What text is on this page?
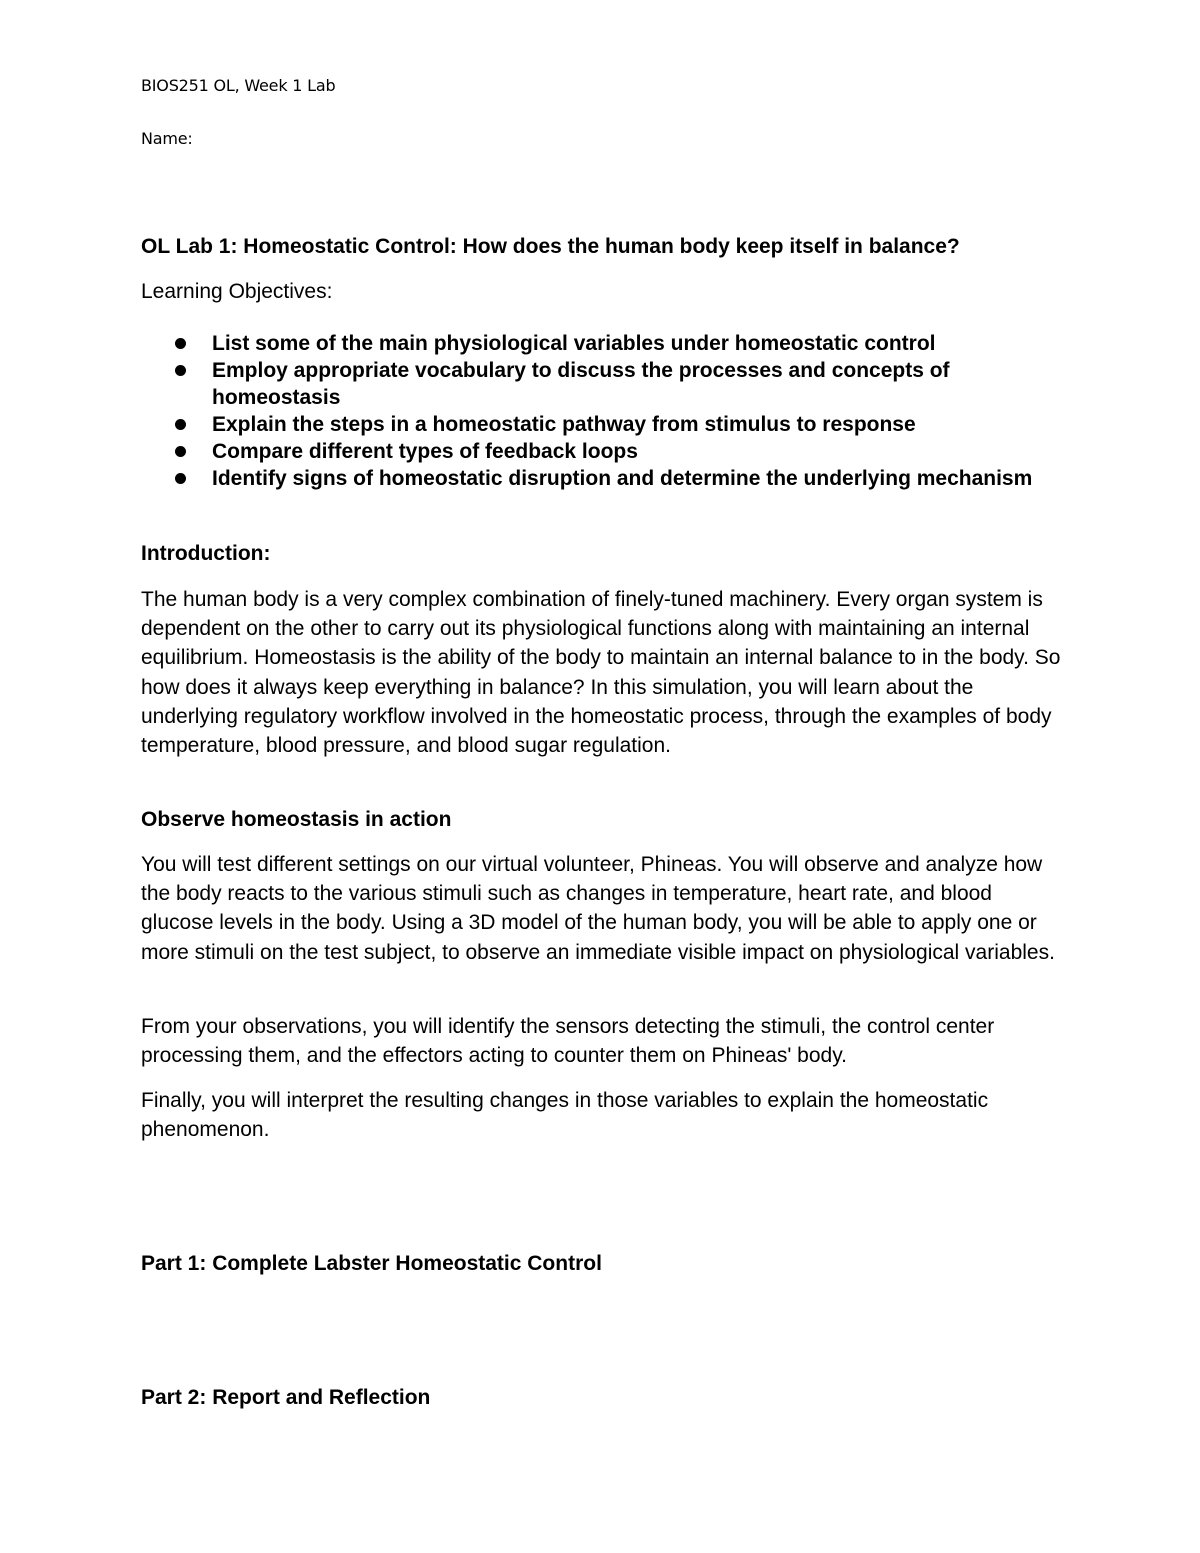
BIOS251 OL, Week 1 Lab

Name:

OL Lab 1: Homeostatic Control: How does the human body keep itself in balance?

Learning Objectives:

List some of the main physiological variables under homeostatic control
Employ appropriate vocabulary to discuss the processes and concepts of homeostasis
Explain the steps in a homeostatic pathway from stimulus to response
Compare different types of feedback loops
Identify signs of homeostatic disruption and determine the underlying mechanism

Introduction:

The human body is a very complex combination of finely-tuned machinery. Every organ system is dependent on the other to carry out its physiological functions along with maintaining an internal equilibrium. Homeostasis is the ability of the body to maintain an internal balance to in the body. So how does it always keep everything in balance? In this simulation, you will learn about the underlying regulatory workflow involved in the homeostatic process, through the examples of body temperature, blood pressure, and blood sugar regulation.

Observe homeostasis in action

You will test different settings on our virtual volunteer, Phineas. You will observe and analyze how the body reacts to the various stimuli such as changes in temperature, heart rate, and blood glucose levels in the body. Using a 3D model of the human body, you will be able to apply one or more stimuli on the test subject, to observe an immediate visible impact on physiological variables.

From your observations, you will identify the sensors detecting the stimuli, the control center processing them, and the effectors acting to counter them on Phineas' body.

Finally, you will interpret the resulting changes in those variables to explain the homeostatic phenomenon.

Part 1: Complete Labster Homeostatic Control

Part 2: Report and Reflection
